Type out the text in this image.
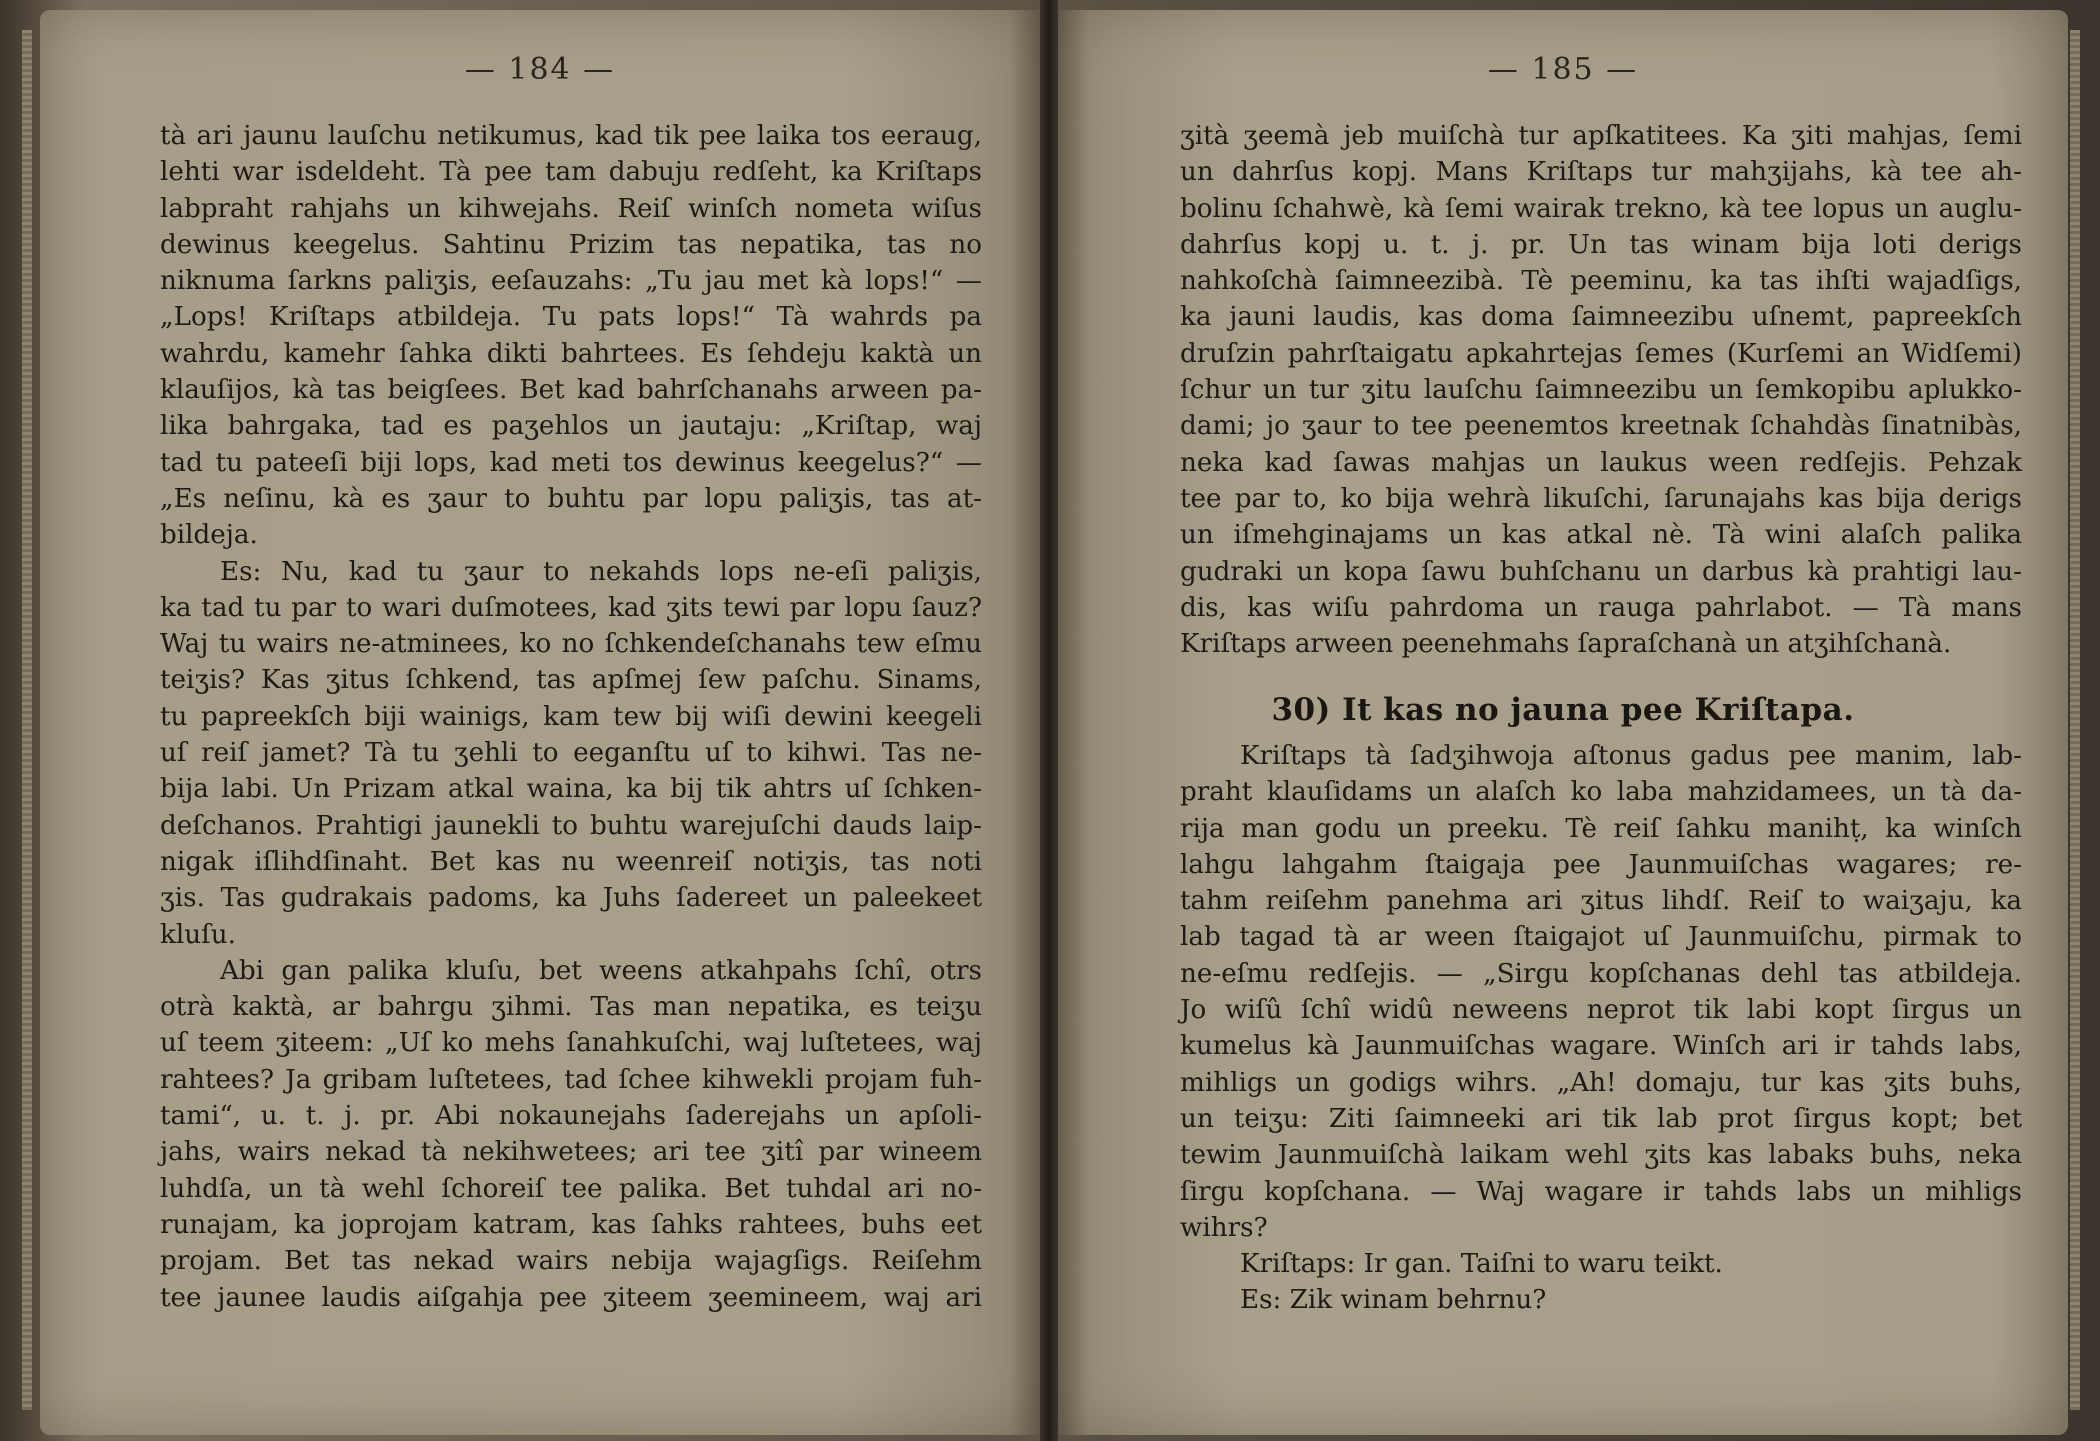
— 184 —
tà ari jaunu lauſchu netikumus, kad tik pee laika tos eeraug,
lehti war isdeldeht. Tà pee tam dabuju redſeht, ka Kriſtaps
labpraht rahjahs un kihwejahs. Reiſ winſch nometa wiſus
dewinus keegelus. Sahtinu Prizim tas nepatika, tas no
niknuma ſarkns paliʒis, eeſauzahs: „Tu jau met kà lops!“ —
„Lops! Kriſtaps atbildeja. Tu pats lops!“ Tà wahrds pa
wahrdu, kamehr ſahka dikti bahrtees. Es ſehdeju kaktà un
klauſijos, kà tas beigſees. Bet kad bahrſchanahs arween pa-
lika bahrgaka, tad es paʒehlos un jautaju: „Kriſtap, waj
tad tu pateeſi biji lops, kad meti tos dewinus keegelus?“ —
„Es neſinu, kà es ʒaur to buhtu par lopu paliʒis, tas at-
bildeja.
Es: Nu, kad tu ʒaur to nekahds lops ne-eſi paliʒis,
ka tad tu par to wari duſmotees, kad ʒits tewi par lopu ſauz?
Waj tu wairs ne-atminees, ko no ſchkendeſchanahs tew eſmu
teiʒis? Kas ʒitus ſchkend, tas apſmej ſew paſchu. Sinams,
tu papreekſch biji wainigs, kam tew bij wiſi dewini keegeli
uſ reiſ jamet? Tà tu ʒehli to eeganſtu uſ to kihwi. Tas ne-
bija labi. Un Prizam atkal waina, ka bij tik ahtrs uſ ſchken-
deſchanos. Prahtigi jaunekli to buhtu warejuſchi dauds laip-
nigak iſlihdſinaht. Bet kas nu weenreiſ notiʒis, tas noti
ʒis. Tas gudrakais padoms, ka Juhs ſadereet un paleekeet
kluſu.
Abi gan palika kluſu, bet weens atkahpahs ſchî, otrs
otrà kaktà, ar bahrgu ʒihmi. Tas man nepatika, es teiʒu
uſ teem ʒiteem: „Uſ ko mehs ſanahkuſchi, waj luſtetees, waj
rahtees? Ja gribam luſtetees, tad ſchee kihwekli projam fuh-
tami“, u. t. j. pr. Abi nokaunejahs ſaderejahs un apſoli-
jahs, wairs nekad tà nekihwetees; ari tee ʒitî par wineem
luhdſa, un tà wehl ſchoreiſ tee palika. Bet tuhdal ari no-
runajam, ka joprojam katram, kas ſahks rahtees, buhs eet
projam. Bet tas nekad wairs nebija wajagſigs. Reiſehm
tee jaunee laudis aiſgahja pee ʒiteem ʒeemineem, waj ari
— 185 —
ʒità ʒeemà jeb muiſchà tur apſkatitees. Ka ʒiti mahjas, ſemi
un dahrſus kopj. Mans Kriſtaps tur mahʒijahs, kà tee ah-
bolinu ſchahwè, kà ſemi wairak trekno, kà tee lopus un auglu-
dahrſus kopj u. t. j. pr. Un tas winam bija loti derigs
nahkoſchà ſaimneezibà. Tè peeminu, ka tas ihſti wajadſigs,
ka jauni laudis, kas doma ſaimneezibu uſnemt, papreekſch
druſzin pahrſtaigatu apkahrtejas ſemes (Kurſemi an Widſemi)
ſchur un tur ʒitu lauſchu ſaimneezibu un ſemkopibu aplukko-
dami; jo ʒaur to tee peenemtos kreetnak ſchahdàs ſinatnibàs,
neka kad ſawas mahjas un laukus ween redſejis. Pehzak
tee par to, ko bija wehrà likuſchi, ſarunajahs kas bija derigs
un iſmehginajams un kas atkal nè. Tà wini alaſch palika
gudraki un kopa ſawu buhſchanu un darbus kà prahtigi lau-
dis, kas wiſu pahrdoma un rauga pahrlabot. — Tà mans
Kriſtaps arween peenehmahs ſapraſchanà un atʒihſchanà.
30) It kas no jauna pee Kriſtapa.
Kriſtaps tà ſadʒihwoja aſtonus gadus pee manim, lab-
praht klauſidams un alaſch ko laba mahzidamees, un tà da-
rija man godu un preeku. Tè reiſ ſahku manihṭ, ka winſch
lahgu lahgahm ſtaigaja pee Jaunmuiſchas wagares; re-
tahm reiſehm panehma ari ʒitus lihdſ. Reiſ to waiʒaju, ka
lab tagad tà ar ween ſtaigajot uſ Jaunmuiſchu, pirmak to
ne-eſmu redſejis. — „Sirgu kopſchanas dehl tas atbildeja.
Jo wiſû ſchî widû neweens neprot tik labi kopt ſirgus un
kumelus kà Jaunmuiſchas wagare. Winſch ari ir tahds labs,
mihligs un godigs wihrs. „Ah! domaju, tur kas ʒits buhs,
un teiʒu: Ziti ſaimneeki ari tik lab prot ſirgus kopt; bet
tewim Jaunmuiſchà laikam wehl ʒits kas labaks buhs, neka
ſirgu kopſchana. — Waj wagare ir tahds labs un mihligs
wihrs?
Kriſtaps: Ir gan. Taiſni to waru teikt.
Es: Zik winam behrnu?
